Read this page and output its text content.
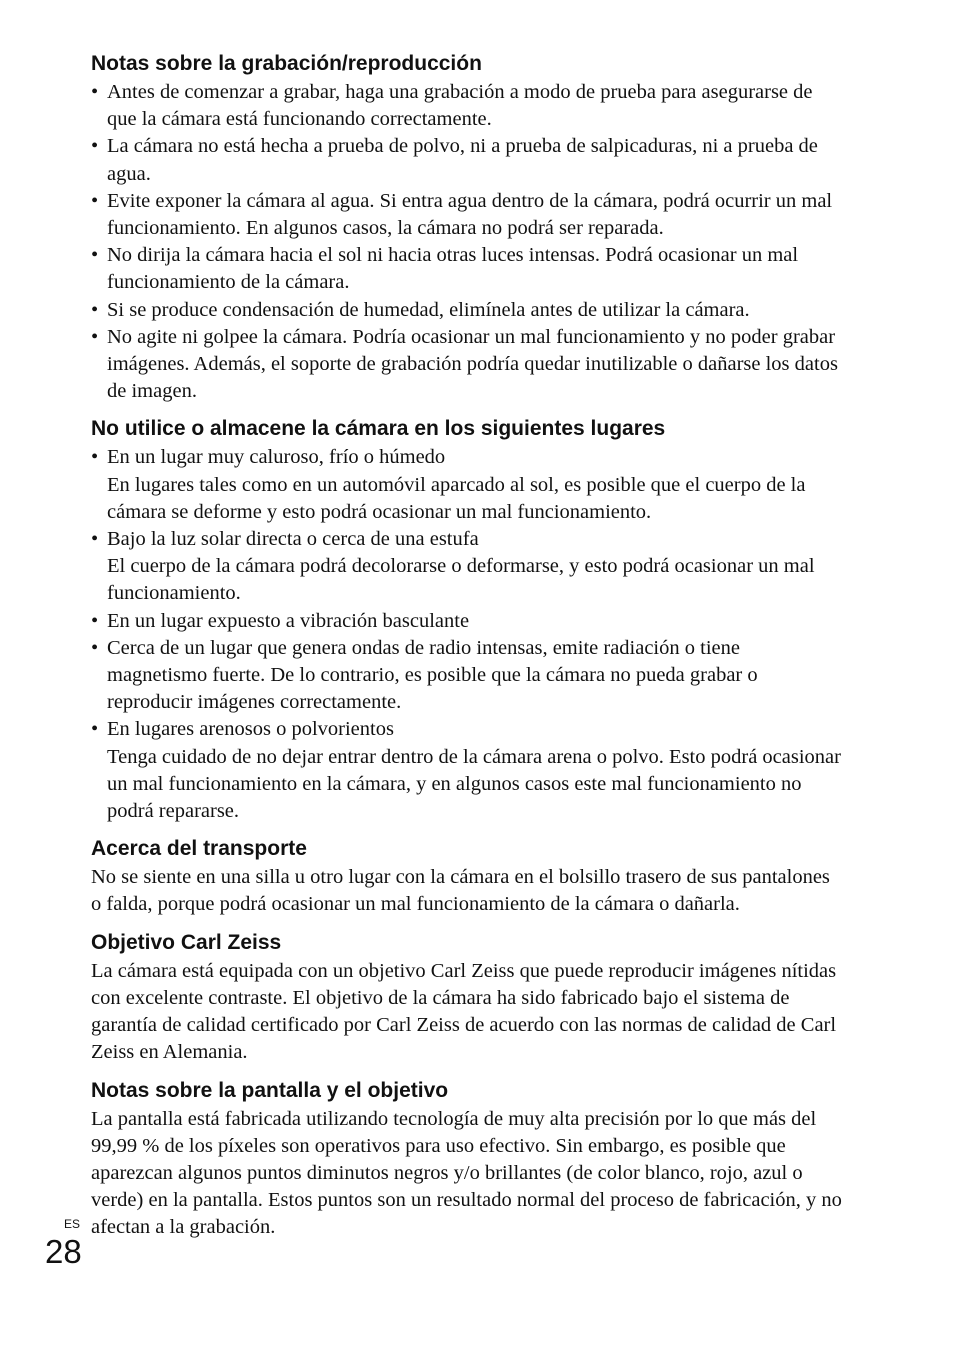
Notas sobre la grabación/reproducción
• Antes de comenzar a grabar, haga una grabación a modo de prueba para asegurarse de que la cámara está funcionando correctamente.
• La cámara no está hecha a prueba de polvo, ni a prueba de salpicaduras, ni a prueba de agua.
• Evite exponer la cámara al agua. Si entra agua dentro de la cámara, podrá ocurrir un mal funcionamiento. En algunos casos, la cámara no podrá ser reparada.
• No dirija la cámara hacia el sol ni hacia otras luces intensas. Podrá ocasionar un mal funcionamiento de la cámara.
• Si se produce condensación de humedad, elimínela antes de utilizar la cámara.
• No agite ni golpee la cámara. Podría ocasionar un mal funcionamiento y no poder grabar imágenes. Además, el soporte de grabación podría quedar inutilizable o dañarse los datos de imagen.
No utilice o almacene la cámara en los siguientes lugares
• En un lugar muy caluroso, frío o húmedo
En lugares tales como en un automóvil aparcado al sol, es posible que el cuerpo de la cámara se deforme y esto podrá ocasionar un mal funcionamiento.
• Bajo la luz solar directa o cerca de una estufa
El cuerpo de la cámara podrá decolorarse o deformarse, y esto podrá ocasionar un mal funcionamiento.
• En un lugar expuesto a vibración basculante
• Cerca de un lugar que genera ondas de radio intensas, emite radiación o tiene magnetismo fuerte. De lo contrario, es posible que la cámara no pueda grabar o reproducir imágenes correctamente.
• En lugares arenosos o polvorientos
Tenga cuidado de no dejar entrar dentro de la cámara arena o polvo. Esto podrá ocasionar un mal funcionamiento en la cámara, y en algunos casos este mal funcionamiento no podrá repararse.
Acerca del transporte

No se siente en una silla u otro lugar con la cámara en el bolsillo trasero de sus pantalones o falda, porque podrá ocasionar un mal funcionamiento de la cámara o dañarla.

Objetivo Carl Zeiss

La cámara está equipada con un objetivo Carl Zeiss que puede reproducir imágenes nítidas con excelente contraste. El objetivo de la cámara ha sido fabricado bajo el sistema de garantía de calidad certificado por Carl Zeiss de acuerdo con las normas de calidad de Carl Zeiss en Alemania.

Notas sobre la pantalla y el objetivo

La pantalla está fabricada utilizando tecnología de muy alta precisión por lo que más del 99,99 % de los píxeles son operativos para uso efectivo. Sin embargo, es posible que aparezcan algunos puntos diminutos negros y/o brillantes (de color blanco, rojo, azul o verde) en la pantalla. Estos puntos son un resultado normal del proceso de fabricación, y no afectan a la grabación.

ES
28
